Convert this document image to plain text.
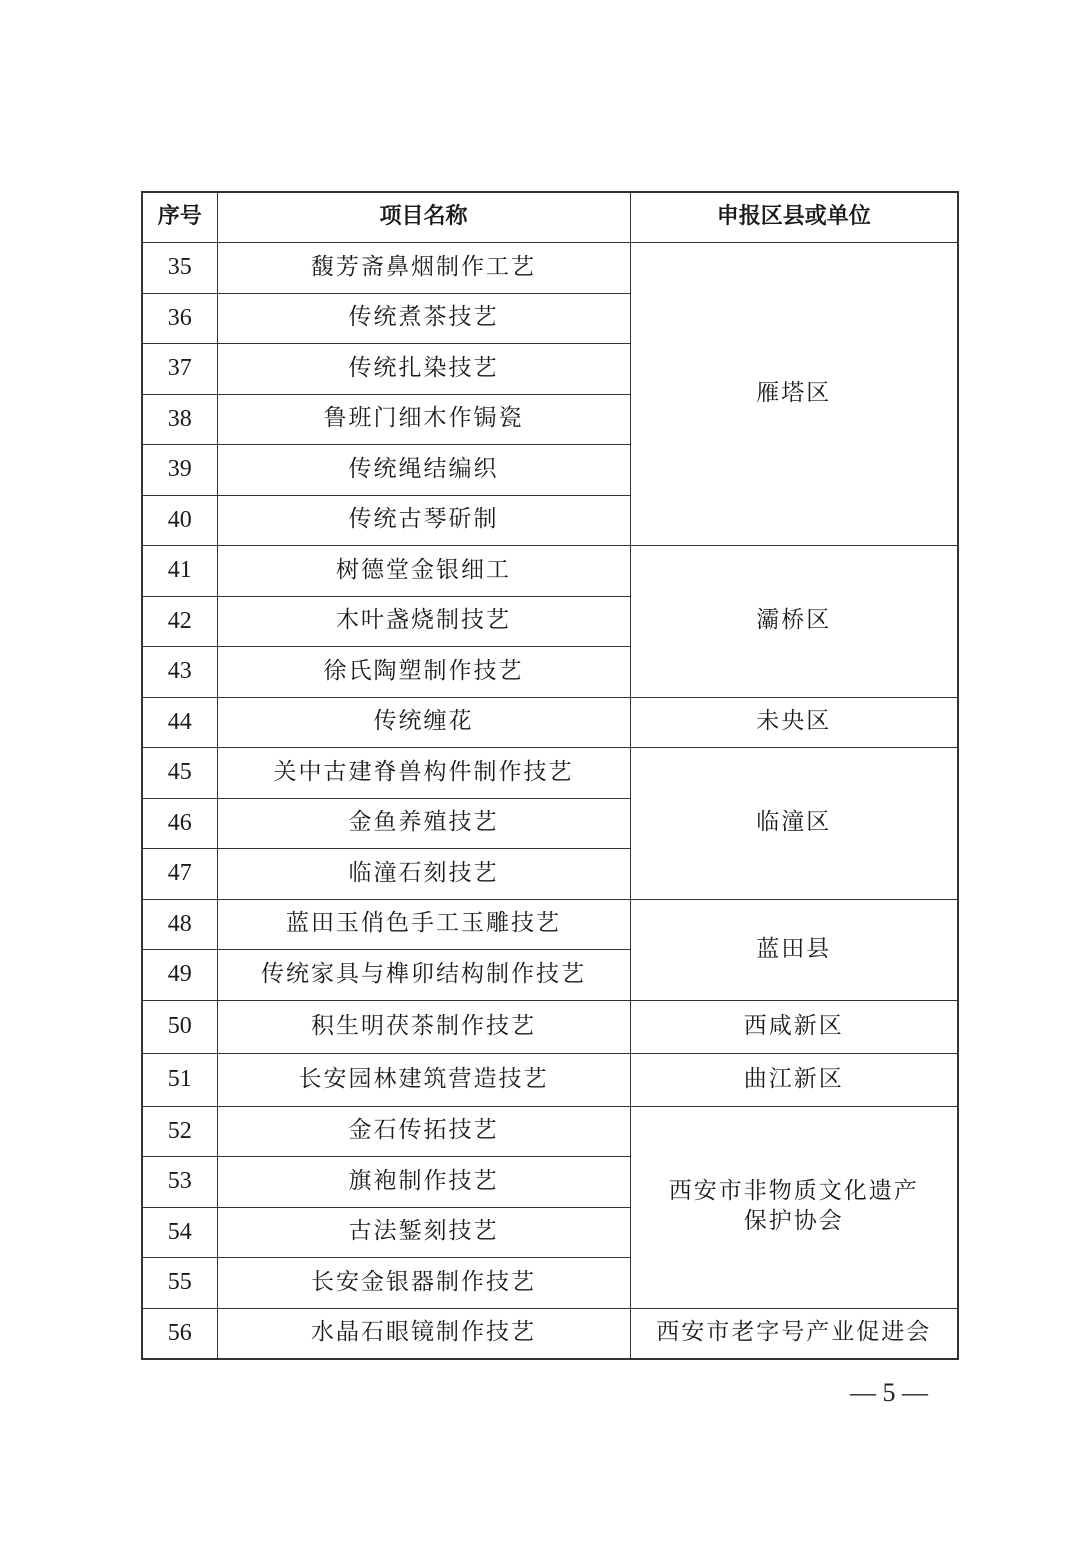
序号	项目名称	申报区县或单位
35	馥芳斋鼻烟制作工艺	雁塔区

36	传统煮茶技艺	
37	传统扎染技艺	
38	鲁班门细木作锔瓷	
39	传统绳结编织	
40	传统古琴斫制	
41	树德堂金银细工	灞桥区

42	木叶盏烧制技艺	
43	徐氏陶塑制作技艺	
44	传统缠花	未央区

45	关中古建脊兽构件制作技艺	临潼区

46	金鱼养殖技艺	
47	临潼石刻技艺	
48	蓝田玉俏色手工玉雕技艺	蓝田县

49	传统家具与榫卯结构制作技艺	
50	积生明茯茶制作技艺	西咸新区

51	长安园林建筑营造技艺	曲江新区

52	金石传拓技艺	西安市非物质文化遗产
保护协会

53	旗袍制作技艺	
54	古法錾刻技艺	
55	长安金银器制作技艺	
56	水晶石眼镜制作技艺	西安市老字号产业促进会
— 5 —
